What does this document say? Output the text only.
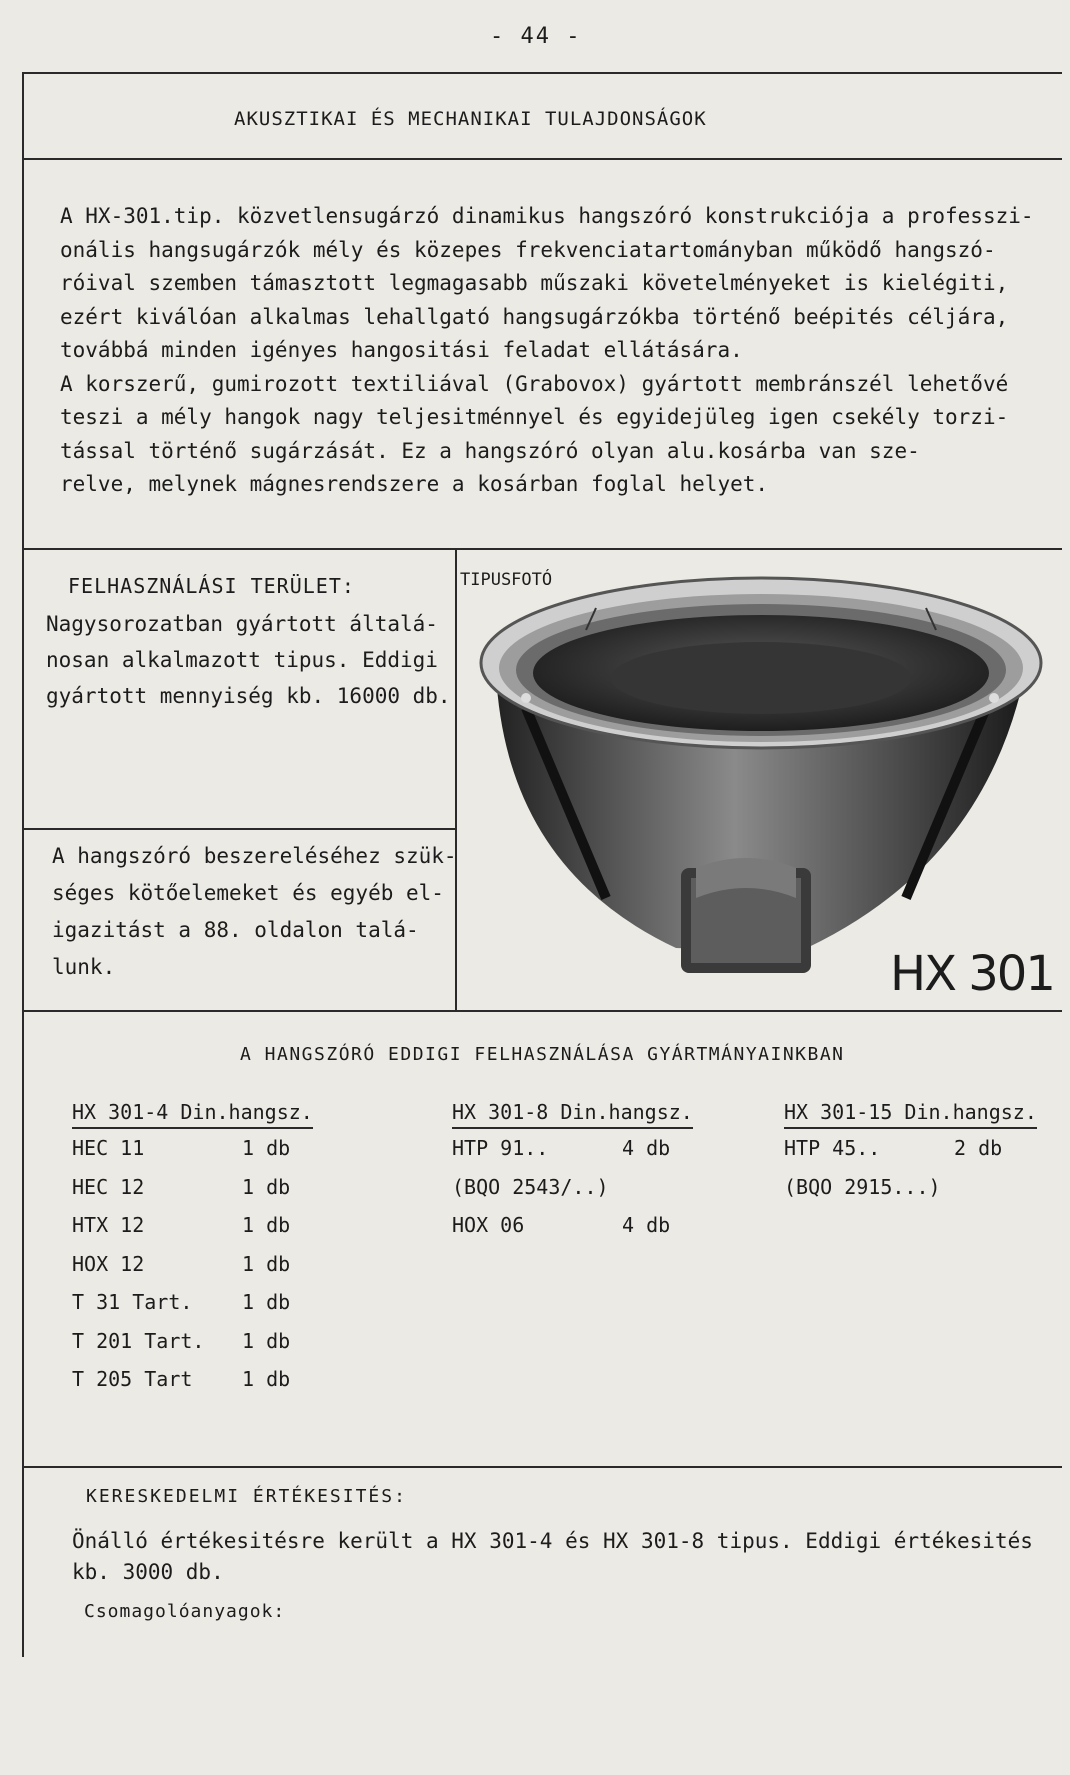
- 44 -
AKUSZTIKAI ÉS MECHANIKAI TULAJDONSÁGOK

A HX-301.tip. közvetlensugárzó dinamikus hangszóró konstrukciója a professzi-

onális hangsugárzók mély és közepes frekvenciatartományban működő hangszó-

róival szemben támasztott legmagasabb műszaki követelményeket is kielégiti,

ezért kiválóan alkalmas lehallgató hangsugárzókba történő beépités céljára,

továbbá minden igényes hangositási feladat ellátására.

A korszerű, gumirozott textiliával (Grabovox) gyártott membránszél lehetővé

teszi a mély hangok nagy teljesitménnyel és egyidejüleg igen csekély torzi-

tással történő sugárzását. Ez a hangszóró olyan alu.kosárba van sze-

relve, melynek mágnesrendszere a kosárban foglal helyet.

FELHASZNÁLÁSI TERÜLET:
Nagysorozatban gyártott általá-
nosan alkalmazott tipus. Eddigi
gyártott mennyiség kb. 16000 db.
A hangszóró beszereléséhez szük-
séges kötőelemeket és egyéb el-
igazitást a 88. oldalon talá-
lunk.
TIPUSFOTÓ
HX 301
A HANGSZÓRÓ EDDIGI FELHASZNÁLÁSA GYÁRTMÁNYAINKBAN
HX 301-4 Din.hangsz.
HEC 11	1 db
HEC 12	1 db
HTX 12	1 db
HOX 12	1 db
T 31 Tart.	1 db
T 201 Tart.	1 db
T 205 Tart	1 db
HX 301-8 Din.hangsz.
HTP 91..	4 db
(BQO 2543/..)
HOX 06	4 db
HX 301-15 Din.hangsz.
HTP 45..	2 db
(BQO 2915...)
KERESKEDELMI ÉRTÉKESITÉS:

Önálló értékesitésre került a HX 301-4 és HX 301-8 tipus. Eddigi értékesités kb. 3000 db.

Csomagolóanyagok:
